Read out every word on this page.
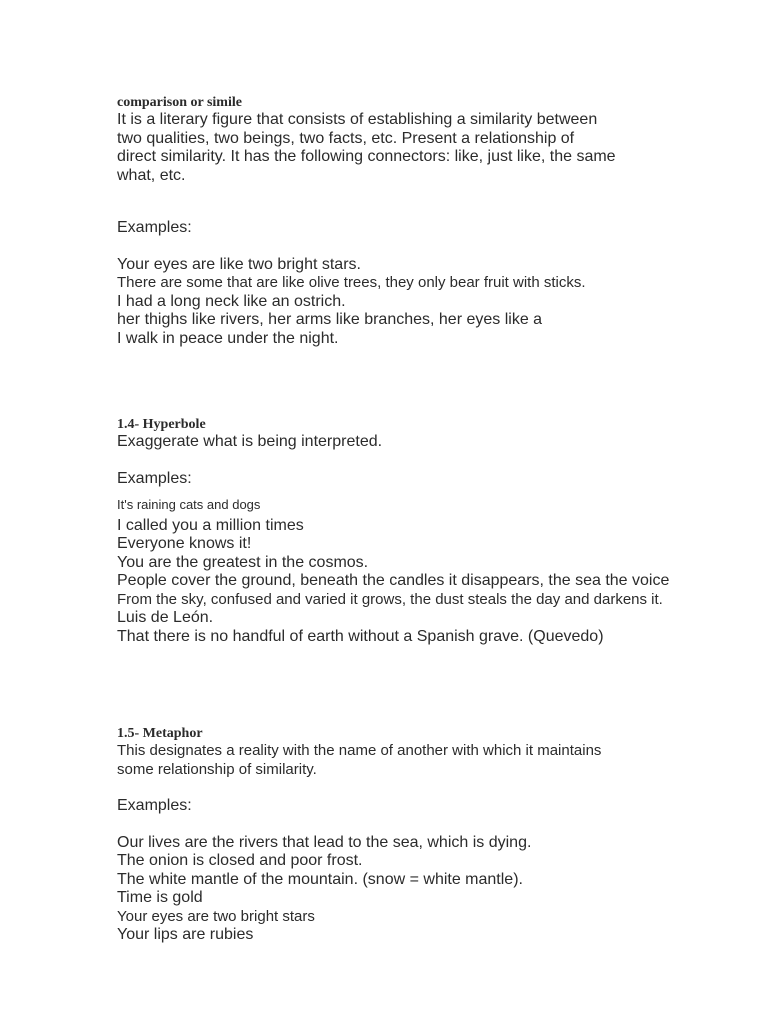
comparison or simile
It is a literary figure that consists of establishing a similarity between
two qualities, two beings, two facts, etc. Present a relationship of
direct similarity. It has the following connectors: like, just like, the same
what, etc.
Examples:
Your eyes are like two bright stars.
There are some that are like olive trees, they only bear fruit with sticks.
I had a long neck like an ostrich.
her thighs like rivers, her arms like branches, her eyes like a
I walk in peace under the night.
1.4- Hyperbole
Exaggerate what is being interpreted.
Examples:
It's raining cats and dogs
I called you a million times
Everyone knows it!
You are the greatest in the cosmos.
People cover the ground, beneath the candles it disappears, the sea the voice
From the sky, confused and varied it grows, the dust steals the day and darkens it.
Luis de León.
That there is no handful of earth without a Spanish grave. (Quevedo)
1.5- Metaphor
This designates a reality with the name of another with which it maintains
some relationship of similarity.
Examples:
Our lives are the rivers that lead to the sea, which is dying.
The onion is closed and poor frost.
The white mantle of the mountain. (snow = white mantle).
Time is gold
Your eyes are two bright stars
Your lips are rubies
